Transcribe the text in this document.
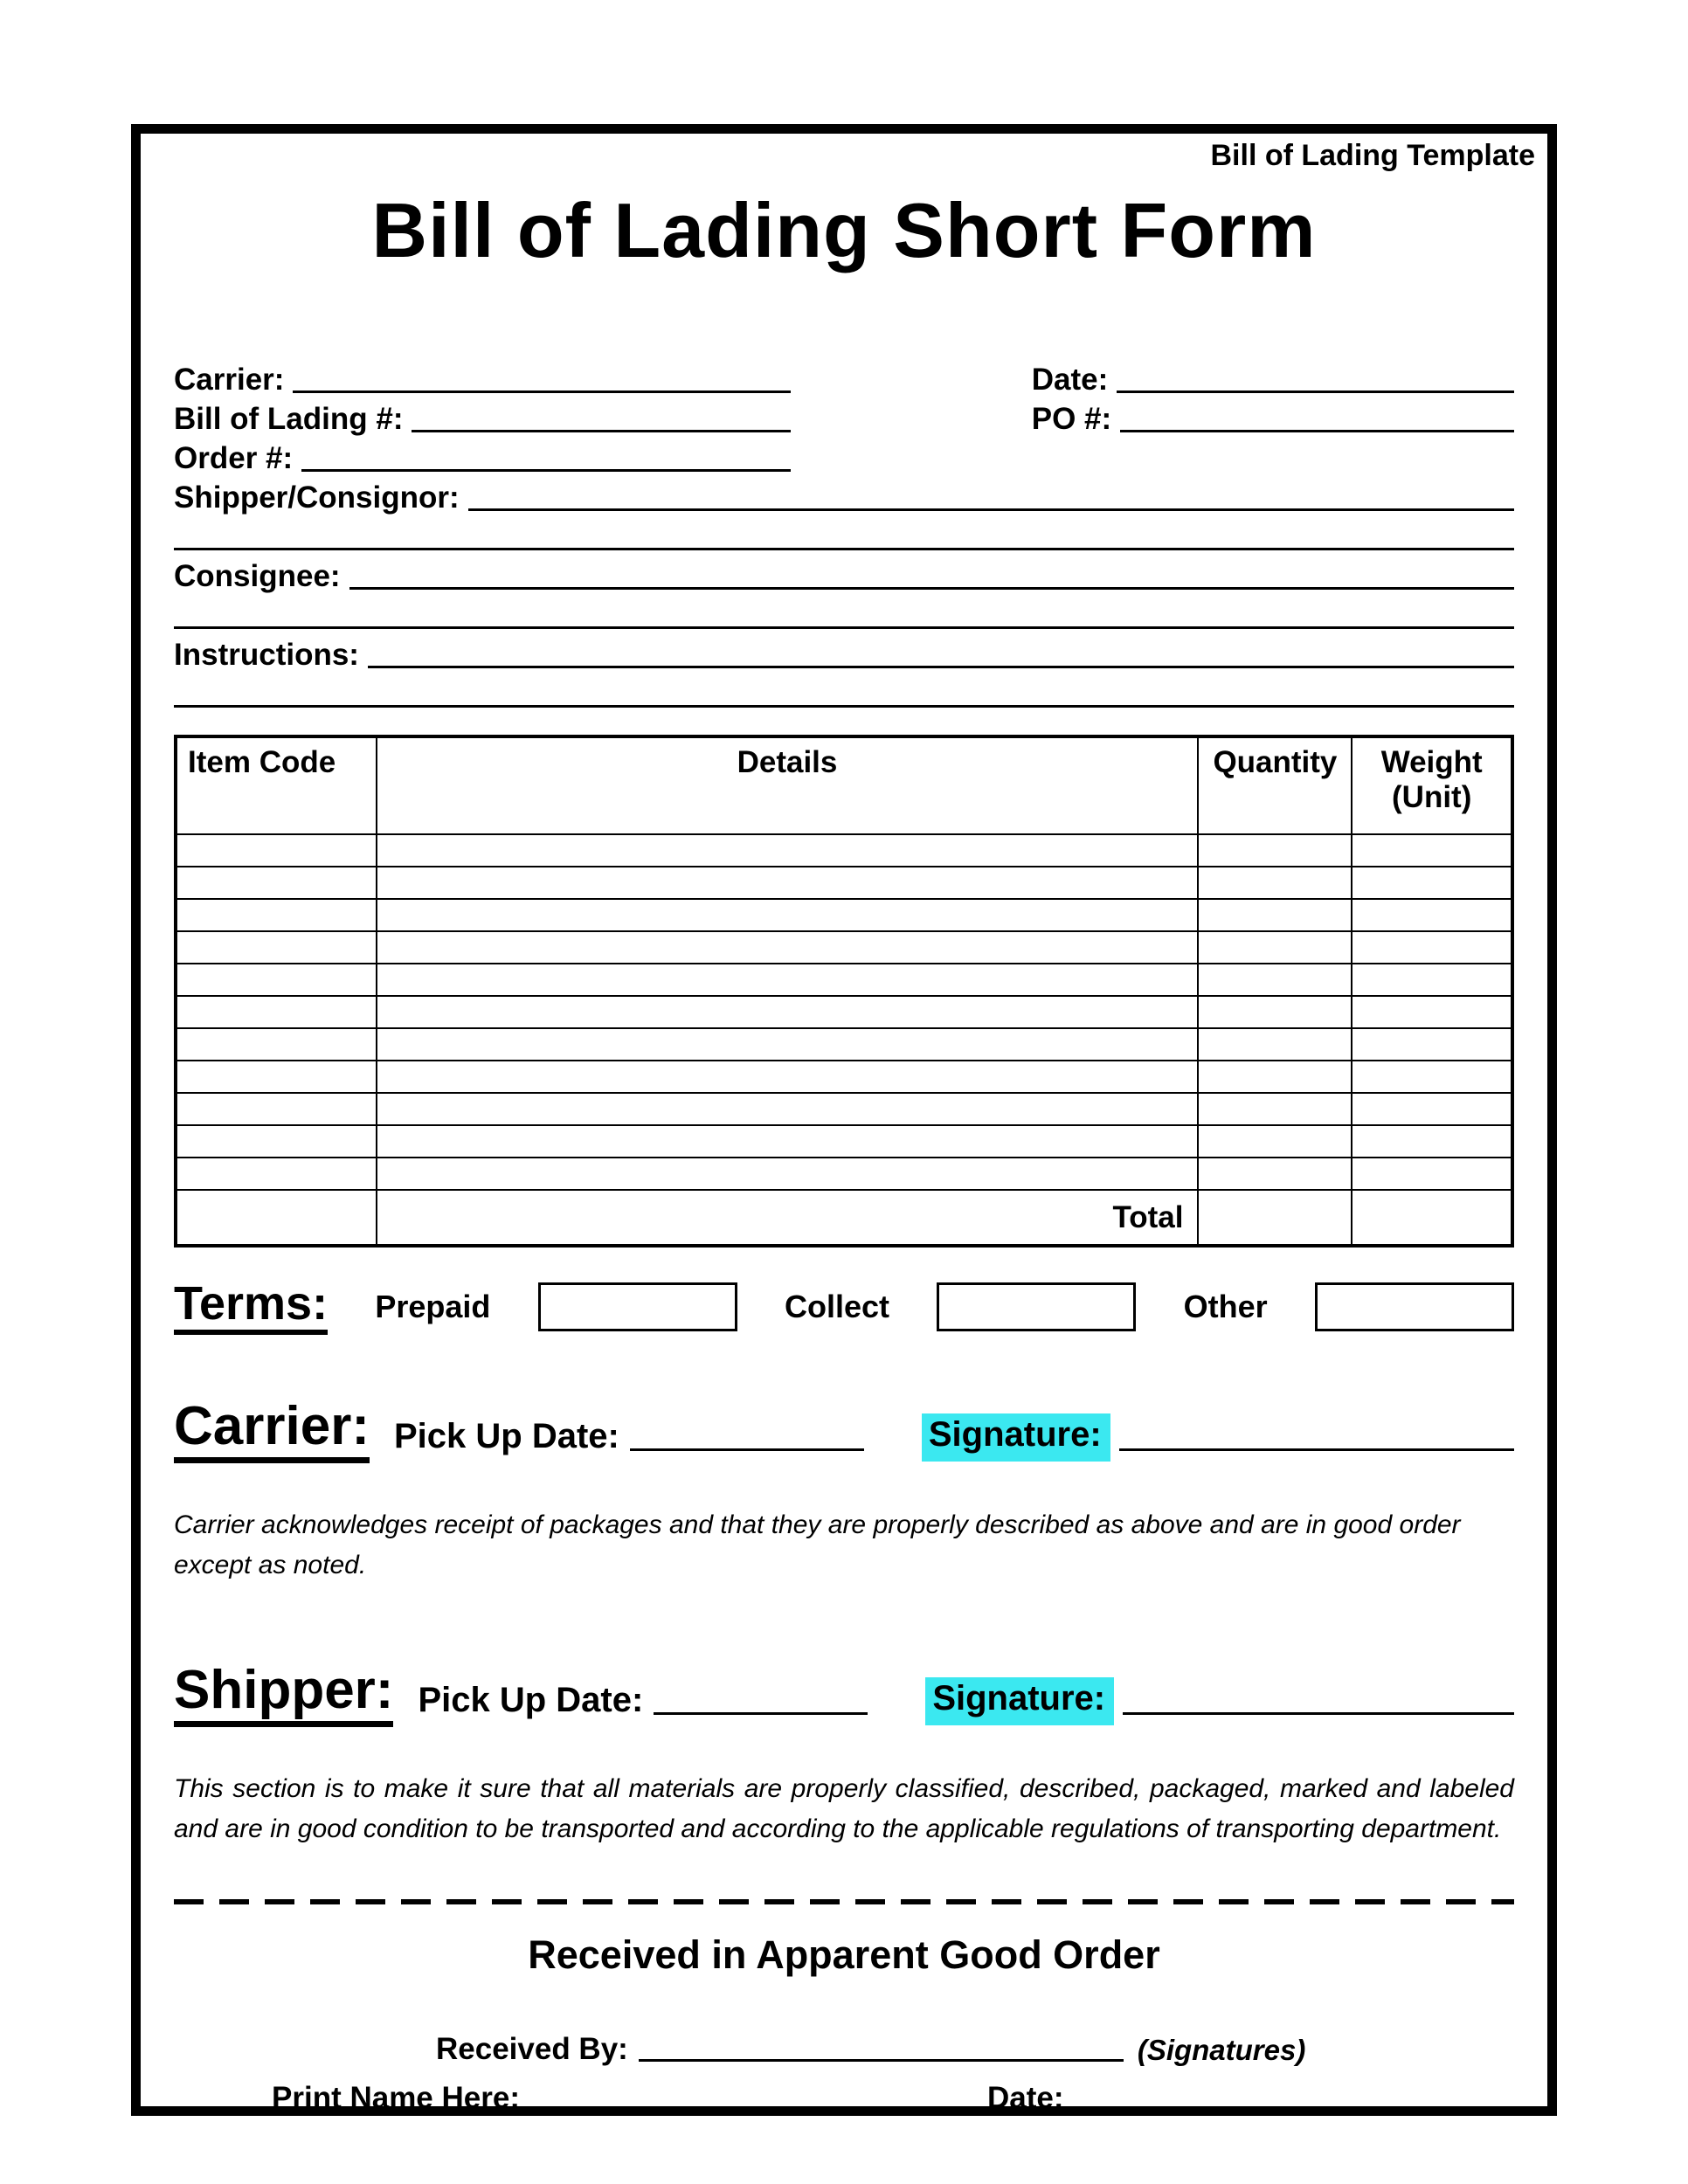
Bill of Lading Template
Bill of Lading Short Form
Carrier:	Date:
Bill of Lading #:	PO #:
Order #:
Shipper/Consignor:
Consignee:
Instructions:
Item Code	Details	Quantity	Weight (Unit)

	Total		
Terms: Prepaid	Collect	Other
Carrier: Pick Up Date:	Signature:

Carrier acknowledges receipt of packages and that they are properly described as above and are in good order except as noted.

Shipper: Pick Up Date:	Signature:

This section is to make it sure that all materials are properly classified, described, packaged, marked and labeled and are in good condition to be transported and according to the applicable regulations of transporting department.

Received in Apparent Good Order
Received By:	(Signatures)
Print Name Here:	Date:
